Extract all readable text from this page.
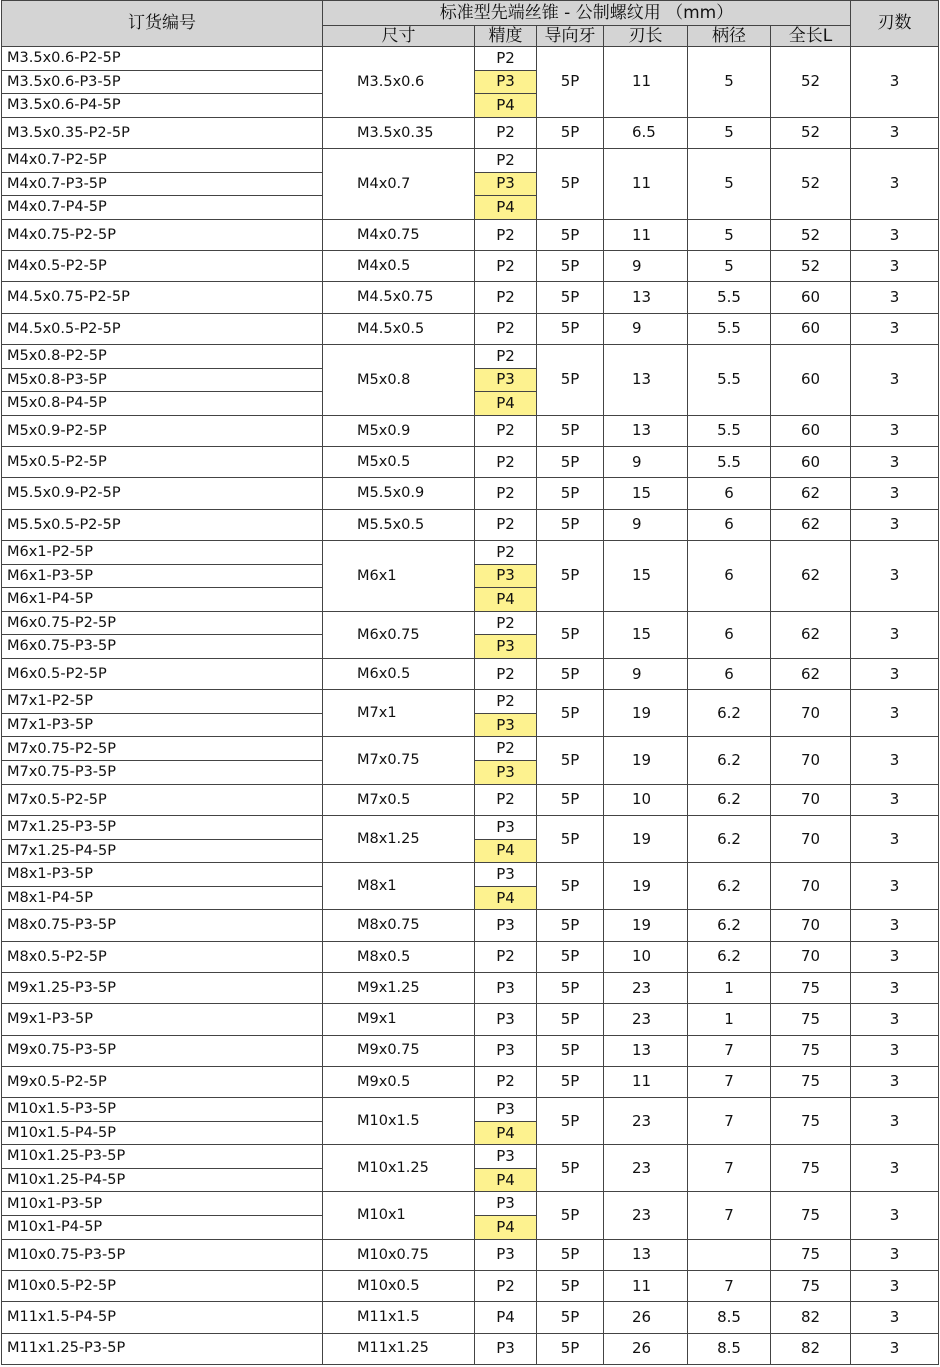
订货编号	标准型先端丝锥 - 公制螺纹用 （mm）						刃数
	尺寸	精度	导向牙	刃长	柄径	全长L	
M3.5x0.6-P2-5P	M3.5x0.6	P2	5P	11	5	52	3
M3.5x0.6-P3-5P		P3					
M3.5x0.6-P4-5P		P4					
M3.5x0.35-P2-5P	M3.5x0.35	P2	5P	6.5	5	52	3
M4x0.7-P2-5P	M4x0.7	P2	5P	11	5	52	3
M4x0.7-P3-5P		P3					
M4x0.7-P4-5P		P4					
M4x0.75-P2-5P	M4x0.75	P2	5P	11	5	52	3
M4x0.5-P2-5P	M4x0.5	P2	5P	9	5	52	3
M4.5x0.75-P2-5P	M4.5x0.75	P2	5P	13	5.5	60	3
M4.5x0.5-P2-5P	M4.5x0.5	P2	5P	9	5.5	60	3
M5x0.8-P2-5P	M5x0.8	P2	5P	13	5.5	60	3
M5x0.8-P3-5P		P3					
M5x0.8-P4-5P		P4					
M5x0.9-P2-5P	M5x0.9	P2	5P	13	5.5	60	3
M5x0.5-P2-5P	M5x0.5	P2	5P	9	5.5	60	3
M5.5x0.9-P2-5P	M5.5x0.9	P2	5P	15	6	62	3
M5.5x0.5-P2-5P	M5.5x0.5	P2	5P	9	6	62	3
M6x1-P2-5P	M6x1	P2	5P	15	6	62	3
M6x1-P3-5P		P3					
M6x1-P4-5P		P4					
M6x0.75-P2-5P	M6x0.75	P2	5P	15	6	62	3
M6x0.75-P3-5P		P3					
M6x0.5-P2-5P	M6x0.5	P2	5P	9	6	62	3
M7x1-P2-5P	M7x1	P2	5P	19	6.2	70	3
M7x1-P3-5P		P3					
M7x0.75-P2-5P	M7x0.75	P2	5P	19	6.2	70	3
M7x0.75-P3-5P		P3					
M7x0.5-P2-5P	M7x0.5	P2	5P	10	6.2	70	3
M7x1.25-P3-5P	M8x1.25	P3	5P	19	6.2	70	3
M7x1.25-P4-5P		P4					
M8x1-P3-5P	M8x1	P3	5P	19	6.2	70	3
M8x1-P4-5P		P4					
M8x0.75-P3-5P	M8x0.75	P3	5P	19	6.2	70	3
M8x0.5-P2-5P	M8x0.5	P2	5P	10	6.2	70	3
M9x1.25-P3-5P	M9x1.25	P3	5P	23	1	75	3
M9x1-P3-5P	M9x1	P3	5P	23	1	75	3
M9x0.75-P3-5P	M9x0.75	P3	5P	13	7	75	3
M9x0.5-P2-5P	M9x0.5	P2	5P	11	7	75	3
M10x1.5-P3-5P	M10x1.5	P3	5P	23	7	75	3
M10x1.5-P4-5P		P4					
M10x1.25-P3-5P	M10x1.25	P3	5P	23	7	75	3
M10x1.25-P4-5P		P4					
M10x1-P3-5P	M10x1	P3	5P	23	7	75	3
M10x1-P4-5P		P4					
M10x0.75-P3-5P	M10x0.75	P3	5P	13		75	3
M10x0.5-P2-5P	M10x0.5	P2	5P	11	7	75	3
M11x1.5-P4-5P	M11x1.5	P4	5P	26	8.5	82	3
M11x1.25-P3-5P	M11x1.25	P3	5P	26	8.5	82	3
